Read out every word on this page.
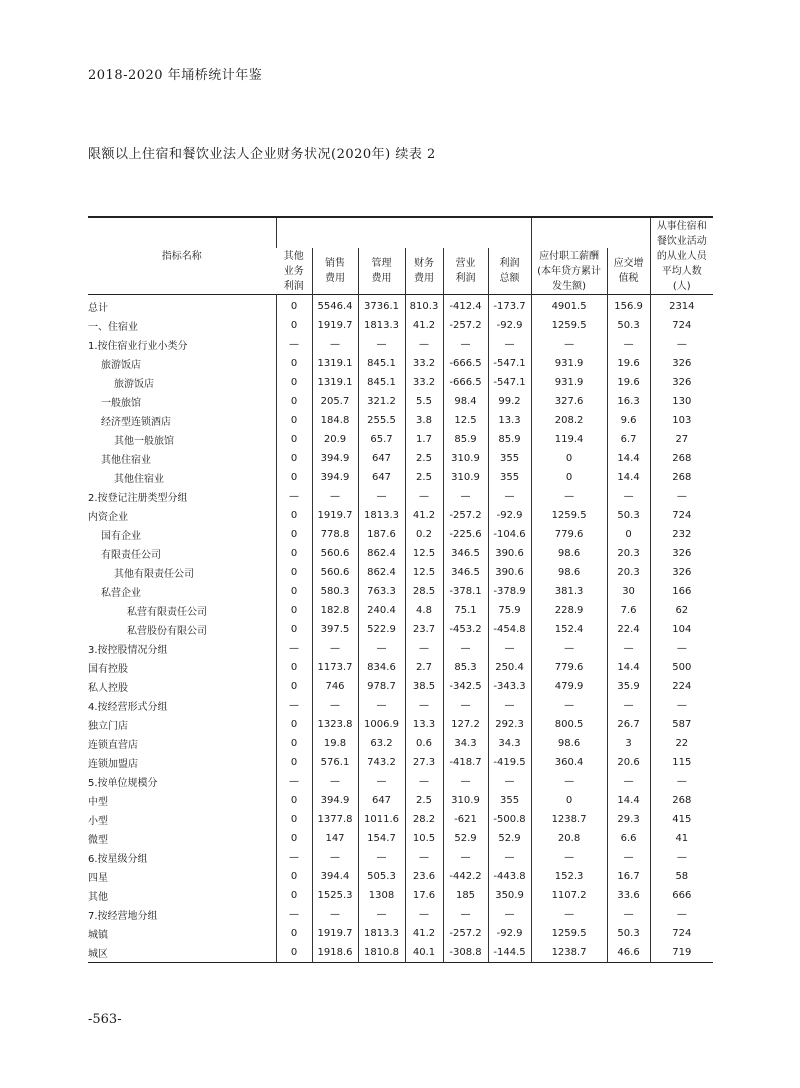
2018-2020 年埇桥统计年鉴
限额以上住宿和餐饮业法人企业财务状况(2020年) 续表 2
指标名称									从事住宿和餐饮业活动的从业人员平均人数(人)
	其他业务利润	销售费用	管理费用	财务费用	营业利润	利润总额	应付职工薪酬(本年贷方累计发生额)	应交增值税	
总计	0	5546.4	3736.1	810.3	-412.4	-173.7	4901.5	156.9	2314
一、住宿业	0	1919.7	1813.3	41.2	-257.2	-92.9	1259.5	50.3	724
1.按住宿业行业小类分	—	—	—	—	—	—	—	—	—
旅游饭店	0	1319.1	845.1	33.2	-666.5	-547.1	931.9	19.6	326
旅游饭店	0	1319.1	845.1	33.2	-666.5	-547.1	931.9	19.6	326
一般旅馆	0	205.7	321.2	5.5	98.4	99.2	327.6	16.3	130
经济型连锁酒店	0	184.8	255.5	3.8	12.5	13.3	208.2	9.6	103
其他一般旅馆	0	20.9	65.7	1.7	85.9	85.9	119.4	6.7	27
其他住宿业	0	394.9	647	2.5	310.9	355	0	14.4	268
其他住宿业	0	394.9	647	2.5	310.9	355	0	14.4	268
2.按登记注册类型分组	—	—	—	—	—	—	—	—	—
内资企业	0	1919.7	1813.3	41.2	-257.2	-92.9	1259.5	50.3	724
国有企业	0	778.8	187.6	0.2	-225.6	-104.6	779.6	0	232
有限责任公司	0	560.6	862.4	12.5	346.5	390.6	98.6	20.3	326
其他有限责任公司	0	560.6	862.4	12.5	346.5	390.6	98.6	20.3	326
私营企业	0	580.3	763.3	28.5	-378.1	-378.9	381.3	30	166
私营有限责任公司	0	182.8	240.4	4.8	75.1	75.9	228.9	7.6	62
私营股份有限公司	0	397.5	522.9	23.7	-453.2	-454.8	152.4	22.4	104
3.按控股情况分组	—	—	—	—	—	—	—	—	—
国有控股	0	1173.7	834.6	2.7	85.3	250.4	779.6	14.4	500
私人控股	0	746	978.7	38.5	-342.5	-343.3	479.9	35.9	224
4.按经营形式分组	—	—	—	—	—	—	—	—	—
独立门店	0	1323.8	1006.9	13.3	127.2	292.3	800.5	26.7	587
连锁直营店	0	19.8	63.2	0.6	34.3	34.3	98.6	3	22
连锁加盟店	0	576.1	743.2	27.3	-418.7	-419.5	360.4	20.6	115
5.按单位规模分	—	—	—	—	—	—	—	—	—
中型	0	394.9	647	2.5	310.9	355	0	14.4	268
小型	0	1377.8	1011.6	28.2	-621	-500.8	1238.7	29.3	415
微型	0	147	154.7	10.5	52.9	52.9	20.8	6.6	41
6.按星级分组	—	—	—	—	—	—	—	—	—
四星	0	394.4	505.3	23.6	-442.2	-443.8	152.3	16.7	58
其他	0	1525.3	1308	17.6	185	350.9	1107.2	33.6	666
7.按经营地分组	—	—	—	—	—	—	—	—	—
城镇	0	1919.7	1813.3	41.2	-257.2	-92.9	1259.5	50.3	724
城区	0	1918.6	1810.8	40.1	-308.8	-144.5	1238.7	46.6	719
-563-
